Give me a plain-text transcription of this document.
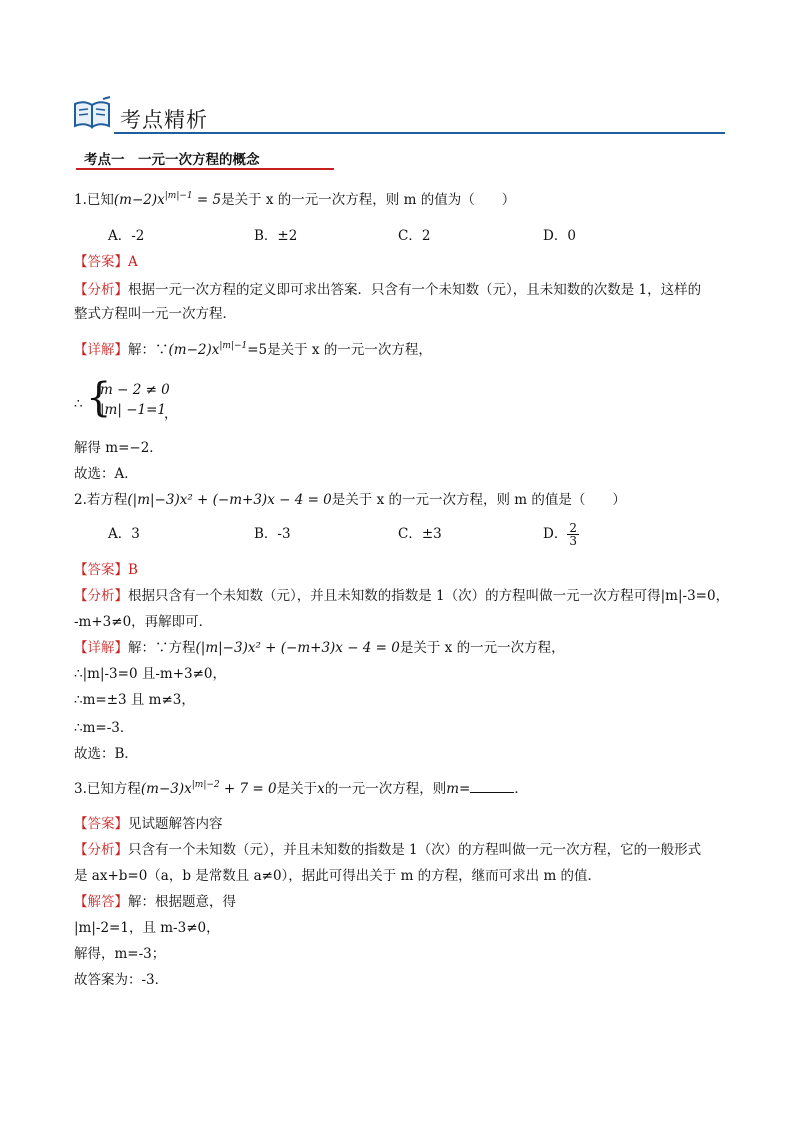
考点精析
考点一　一元一次方程的概念
1.已知$(m-2)x^{|m|-1} = 5$是关于 x 的一元一次方程，则 m 的值为（　　）
A．-2	B．±2	C．2	D．0
【答案】A
【分析】根据一元一次方程的定义即可求出答案．只含有一个未知数（元），且未知数的次数是 1，这样的
整式方程叫一元一次方程．
【详解】解：$\because(m-2)x^{|m|-1}=5$是关于 x 的一元一次方程，
∴ {
m − 2 ≠ 0
|m| −1=1
，
解得 m=−2．
故选：A．
2.若方程(|m|−3)x² + (−m+3)x − 4 = 0是关于 x 的一元一次方程，则 m 的值是（　　）
A．3	B．-3	C．±3	D． $\frac{2}{3}$
【答案】B
【分析】根据只含有一个未知数（元），并且未知数的指数是 1（次）的方程叫做一元一次方程可得|m|-3=0，
-m+3≠0，再解即可．
【详解】解：∵方程(|m|−3)x² + (−m+3)x − 4 = 0是关于 x 的一元一次方程，
∴|m|-3=0 且-m+3≠0，
∴m=±3 且 m≠3，
∴m=-3．
故选：B．
3.已知方程$(m-3)x^{|m|-2} + 7 = 0$是关于x的一元一次方程，则m=	．
【答案】见试题解答内容
【分析】只含有一个未知数（元），并且未知数的指数是 1（次）的方程叫做一元一次方程，它的一般形式
是 ax+b=0（a，b 是常数且 a≠0），据此可得出关于 m 的方程，继而可求出 m 的值．
【解答】解：根据题意，得
|m|-2=1，且 m-3≠0，
解得，m=-3；
故答案为：-3．
